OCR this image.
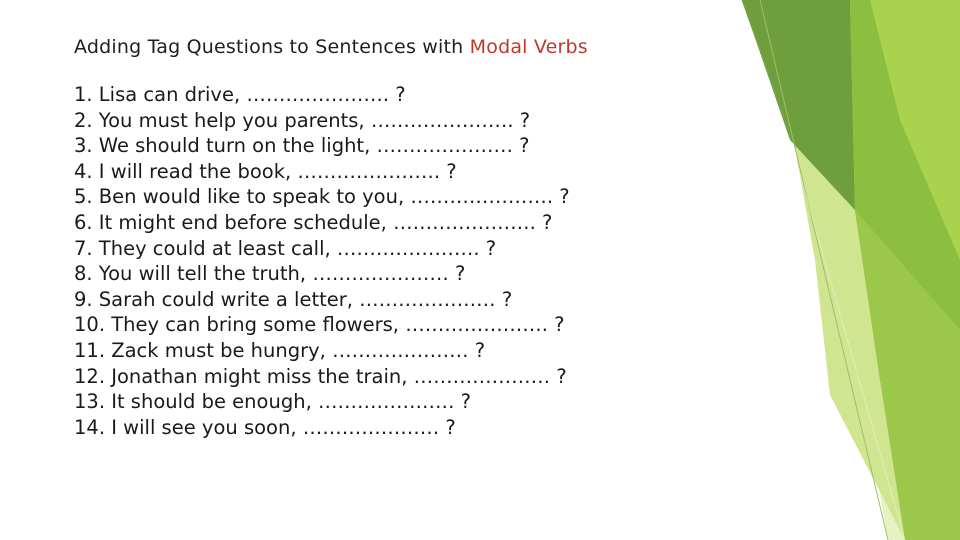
Adding Tag Questions to Sentences with Modal Verbs
1. Lisa can drive, …………………. ?
2. You must help you parents, …………………. ?
3. We should turn on the light, ………………… ?
4. I will read the book, …………………. ?
5. Ben would like to speak to you, …………………. ?
6. It might end before schedule, …………………. ?
7. They could at least call, …………………. ?
8. You will tell the truth, ………………… ?
9. Sarah could write a letter, ………………… ?
10. They can bring some flowers, …………………. ?
11. Zack must be hungry, ………………… ?
12. Jonathan might miss the train, ………………… ?
13. It should be enough, ………………… ?
14. I will see you soon, ………………… ?
